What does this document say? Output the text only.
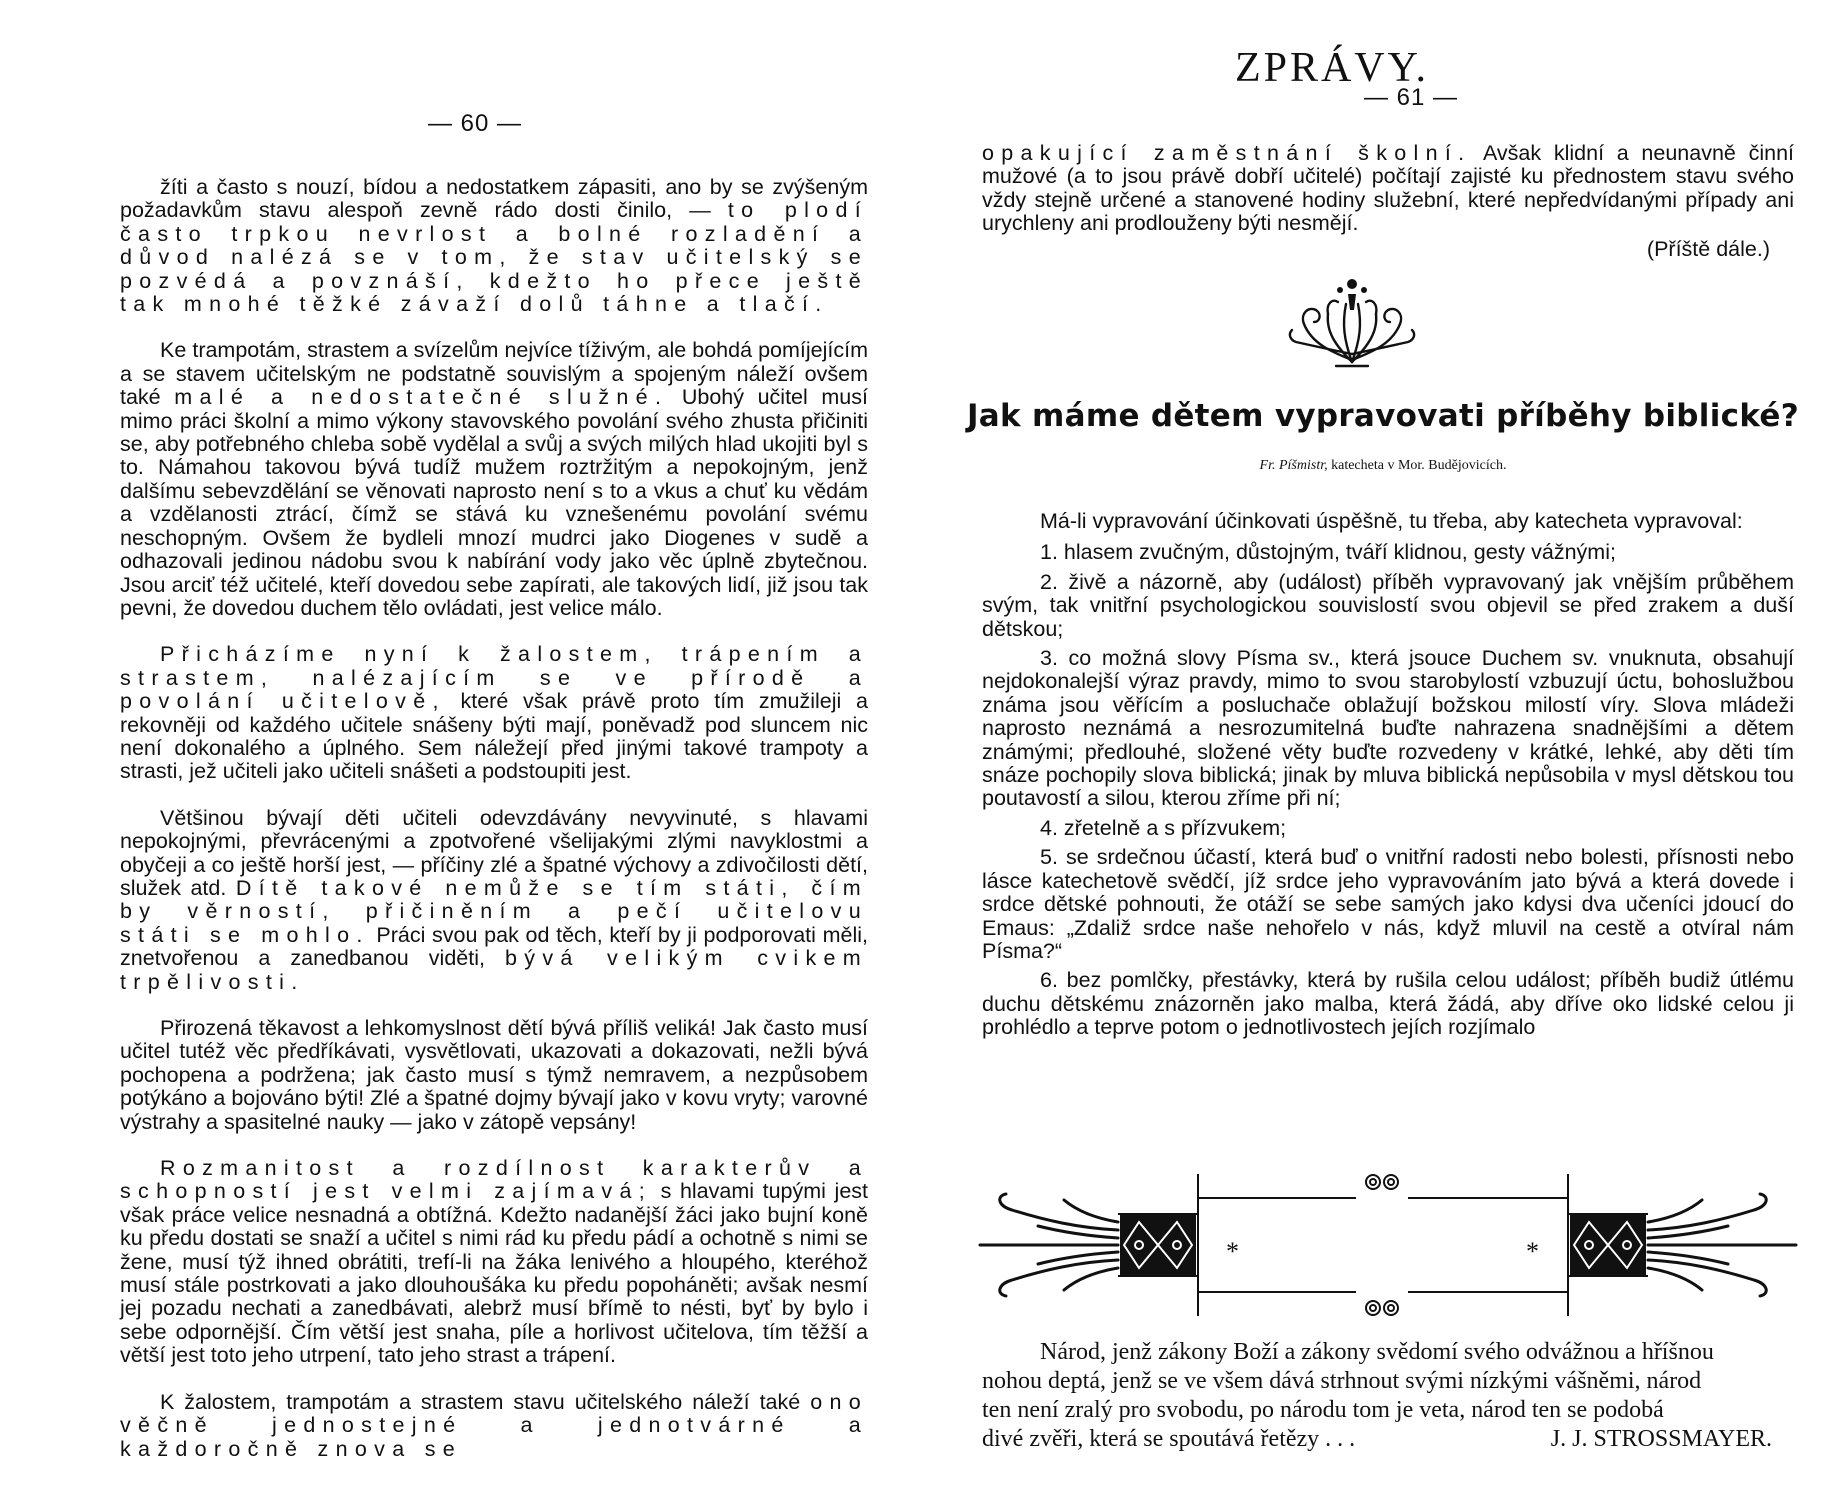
— 60 —

žíti a často s nouzí, bídou a nedostatkem zápasiti, ano by se zvýšeným požadavkům stavu alespoň zevně rádo dosti činilo, — to plodí často trpkou nevrlost a bolné rozladění a důvod nalézá se v tom, že stav učitelský se pozvédá a povznáší, kdežto ho přece ještě tak mnohé těžké závaží dolů táhne a tlačí.

Ke trampotám, strastem a svízelům nejvíce tíživým, ale bohdá pomíjejícím a se stavem učitelským ne podstatně souvislým a spojeným náleží ovšem také malé a nedostatečné služné. Ubohý učitel musí mimo práci školní a mimo výkony stavovského povolání svého zhusta přičiniti se, aby potřebného chleba sobě vydělal a svůj a svých milých hlad ukojiti byl s to. Námahou takovou bývá tudíž mužem roztržitým a nepokojným, jenž dalšímu sebevzdělání se věnovati naprosto není s to a vkus a chuť ku vědám a vzdělanosti ztrácí, čímž se stává ku vznešenému povolání svému neschopným. Ovšem že bydleli mnozí mudrci jako Diogenes v sudě a odhazovali jedinou nádobu svou k nabírání vody jako věc úplně zbytečnou. Jsou arciť též učitelé, kteří dovedou sebe zapírati, ale takových lidí, již jsou tak pevni, že dovedou duchem tělo ovládati, jest velice málo.

Přicházíme nyní k žalostem, trápením a strastem, nalézajícím se ve přírodě a povolání učitelově, které však právě proto tím zmužileji a rekovněji od každého učitele snášeny býti mají, poněvadž pod sluncem nic není dokonalého a úplného. Sem náležejí před jinými takové trampoty a strasti, jež učiteli jako učiteli snášeti a podstoupiti jest.

Většinou bývají děti učiteli odevzdávány nevyvinuté, s hlavami nepokojnými, převrácenými a zpotvořené všelijakými zlými navyklostmi a obyčeji a co ještě horší jest, — příčiny zlé a špatné výchovy a zdivočilosti dětí, služek atd. Dítě takové nemůže se tím státi, čím by věrností, přičiněním a pečí učitelovu státi se mohlo. Práci svou pak od těch, kteří by ji podporovati měli, znetvořenou a zanedbanou viděti, bývá velikým cvikem trpělivosti.

Přirozená těkavost a lehkomyslnost dětí bývá příliš veliká! Jak často musí učitel tutéž věc předříkávati, vysvětlovati, ukazovati a dokazovati, nežli bývá pochopena a podržena; jak často musí s týmž nemravem, a nezpůsobem potýkáno a bojováno býti! Zlé a špatné dojmy bývají jako v kovu vryty; varovné výstrahy a spasitelné nauky — jako v zátopě vepsány!

Rozmanitost a rozdílnost karakterův a schopností jest velmi zajímavá; s hlavami tupými jest však práce velice nesnadná a obtížná. Kdežto nadanější žáci jako bujní koně ku předu dostati se snaží a učitel s nimi rád ku předu pádí a ochotně s nimi se žene, musí týž ihned obrátiti, trefí-li na žáka lenivého a hloupého, kteréhož musí stále postrkovati a jako dlouhoušáka ku předu popoháněti; avšak nesmí jej pozadu nechati a zanedbávati, alebrž musí břímě to nésti, byť by bylo i sebe odpornější. Čím větší jest snaha, píle a horlivost učitelova, tím těžší a větší jest toto jeho utrpení, tato jeho strast a trápení.

K žalostem, trampotám a strastem stavu učitelského náleží také ono věčně jednostejné a jednotvárné a každoročně znova se

— 61 —

opakující zaměstnání školní. Avšak klidní a neunavně činní mužové (a to jsou právě dobří učitelé) počítají zajisté ku přednostem stavu svého vždy stejně určené a stanovené hodiny služební, které nepředvídanými případy ani urychleny ani prodlouženy býti nesmějí.

(Příště dále.)
Jak máme dětem vypravovati příběhy biblické?
Fr. Píšmistr, katecheta v Mor. Budějovicích.

Má-li vypravování účinkovati úspěšně, tu třeba, aby katecheta vypravoval:

1. hlasem zvučným, důstojným, tváří klidnou, gesty vážnými;

2. živě a názorně, aby (událost) příběh vypravovaný jak vnějším průběhem svým, tak vnitřní psychologickou souvislostí svou objevil se před zrakem a duší dětskou;

3. co možná slovy Písma sv., která jsouce Duchem sv. vnuknuta, obsahují nejdokonalejší výraz pravdy, mimo to svou starobylostí vzbuzují úctu, bohoslužbou známa jsou věřícím a posluchače oblažují božskou milostí víry. Slova mládeži naprosto neznámá a nesrozumitelná buďte nahrazena snadnějšími a dětem známými; předlouhé, složené věty buďte rozvedeny v krátké, lehké, aby děti tím snáze pochopily slova biblická; jinak by mluva biblická nepůsobila v mysl dětskou tou poutavostí a silou, kterou zříme při ní;

4. zřetelně a s přízvukem;

5. se srdečnou účastí, která buď o vnitřní radosti nebo bolesti, přísnosti nebo lásce katechetově svědčí, jíž srdce jeho vypravováním jato bývá a která dovede i srdce dětské pohnouti, že otáží se sebe samých jako kdysi dva učeníci jdoucí do Emaus: „Zdaliž srdce naše nehořelo v nás, když mluvil na cestě a otvíral nám Písma?“

6. bez pomlčky, přestávky, která by rušila celou událost; příběh budiž útlému duchu dětskému znázorněn jako malba, která žádá, aby dříve oko lidské celou ji prohlédlo a teprve potom o jednotlivostech jejích rozjímalo

*	*
ZPRÁVY.
Národ, jenž zákony Boží a zákony svědomí svého odvážnou a hříšnou
nohou deptá, jenž se ve všem dává strhnout svými nízkými vášněmi, národ
ten není zralý pro svobodu, po národu tom je veta, národ ten se podobá
divé zvěři, která se spoutává řetězy . . .	J. J. STROSSMAYER.
